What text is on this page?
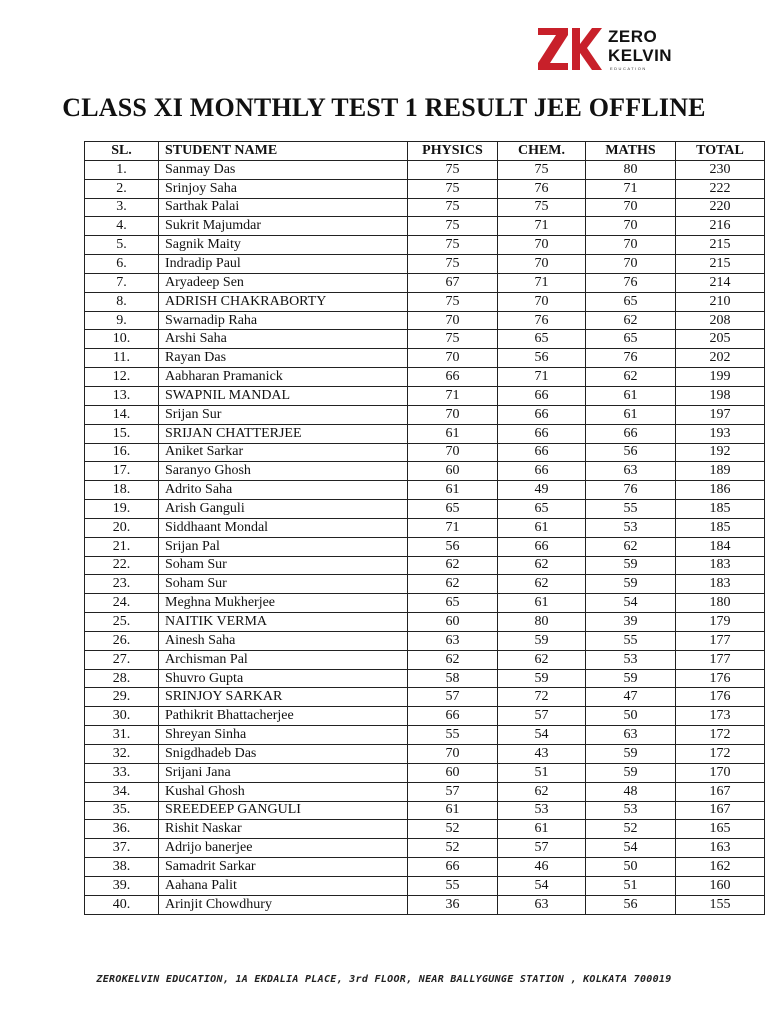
ZERO
KELVIN
EDUCATION
CLASS XI MONTHLY TEST 1 RESULT JEE OFFLINE
SL.	STUDENT NAME	PHYSICS	CHEM.	MATHS	TOTAL
1.	Sanmay Das	75	75	80	230
2.	Srinjoy Saha	75	76	71	222
3.	Sarthak Palai	75	75	70	220
4.	Sukrit Majumdar	75	71	70	216
5.	Sagnik Maity	75	70	70	215
6.	Indradip Paul	75	70	70	215
7.	Aryadeep Sen	67	71	76	214
8.	ADRISH CHAKRABORTY	75	70	65	210
9.	Swarnadip Raha	70	76	62	208
10.	Arshi Saha	75	65	65	205
11.	Rayan Das	70	56	76	202
12.	Aabharan Pramanick	66	71	62	199
13.	SWAPNIL MANDAL	71	66	61	198
14.	Srijan Sur	70	66	61	197
15.	SRIJAN CHATTERJEE	61	66	66	193
16.	Aniket Sarkar	70	66	56	192
17.	Saranyo Ghosh	60	66	63	189
18.	Adrito Saha	61	49	76	186
19.	Arish Ganguli	65	65	55	185
20.	Siddhaant Mondal	71	61	53	185
21.	Srijan Pal	56	66	62	184
22.	Soham Sur	62	62	59	183
23.	Soham Sur	62	62	59	183
24.	Meghna Mukherjee	65	61	54	180
25.	NAITIK VERMA	60	80	39	179
26.	Ainesh Saha	63	59	55	177
27.	Archisman Pal	62	62	53	177
28.	Shuvro Gupta	58	59	59	176
29.	SRINJOY SARKAR	57	72	47	176
30.	Pathikrit Bhattacherjee	66	57	50	173
31.	Shreyan Sinha	55	54	63	172
32.	Snigdhadeb Das	70	43	59	172
33.	Srijani Jana	60	51	59	170
34.	Kushal Ghosh	57	62	48	167
35.	SREEDEEP GANGULI	61	53	53	167
36.	Rishit Naskar	52	61	52	165
37.	Adrijo banerjee	52	57	54	163
38.	Samadrit Sarkar	66	46	50	162
39.	Aahana Palit	55	54	51	160
40.	Arinjit Chowdhury	36	63	56	155
ZEROKELVIN EDUCATION, 1A EKDALIA PLACE, 3rd FLOOR, NEAR BALLYGUNGE STATION , KOLKATA 700019
